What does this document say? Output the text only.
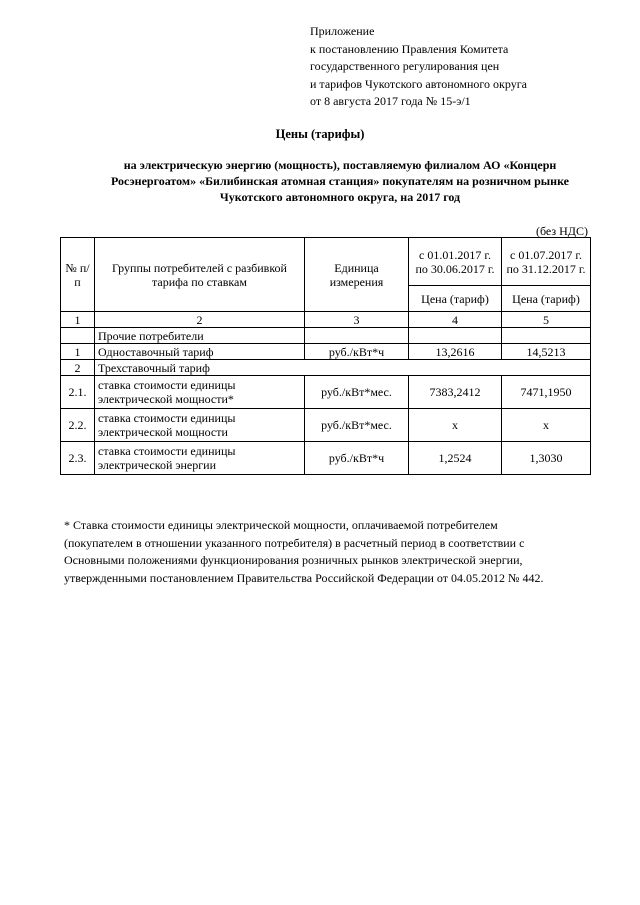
Приложение
к постановлению Правления Комитета
государственного регулирования цен
и тарифов Чукотского автономного округа
от 8 августа 2017 года № 15-э/1
Цены (тарифы)
на электрическую энергию (мощность), поставляемую филиалом АО «Концерн
Росэнергоатом» «Билибинская атомная станция» покупателям на розничном рынке
Чукотского автономного округа, на 2017 год
(без НДС)
№ п/п	Группы потребителей с разбивкой тарифа по ставкам	Единица измерения	с 01.01.2017 г. по 30.06.2017 г.	с 01.07.2017 г. по 31.12.2017 г.
			Цена (тариф)	Цена (тариф)
1	2	3	4	5
	Прочие потребители			
1	Одноставочный тариф	руб./кВт*ч	13,2616	14,5213
2	Трехставочный тариф			
2.1.	ставка стоимости единицы электрической мощности*	руб./кВт*мес.	7383,2412	7471,1950
2.2.	ставка стоимости единицы электрической мощности	руб./кВт*мес.	х	х
2.3.	ставка стоимости единицы электрической энергии	руб./кВт*ч	1,2524	1,3030
* Ставка стоимости единицы электрической мощности, оплачиваемой потребителем
(покупателем в отношении указанного потребителя) в расчетный период в соответствии с
Основными положениями функционирования розничных рынков электрической энергии,
утвержденными постановлением Правительства Российской Федерации от 04.05.2012 № 442.
